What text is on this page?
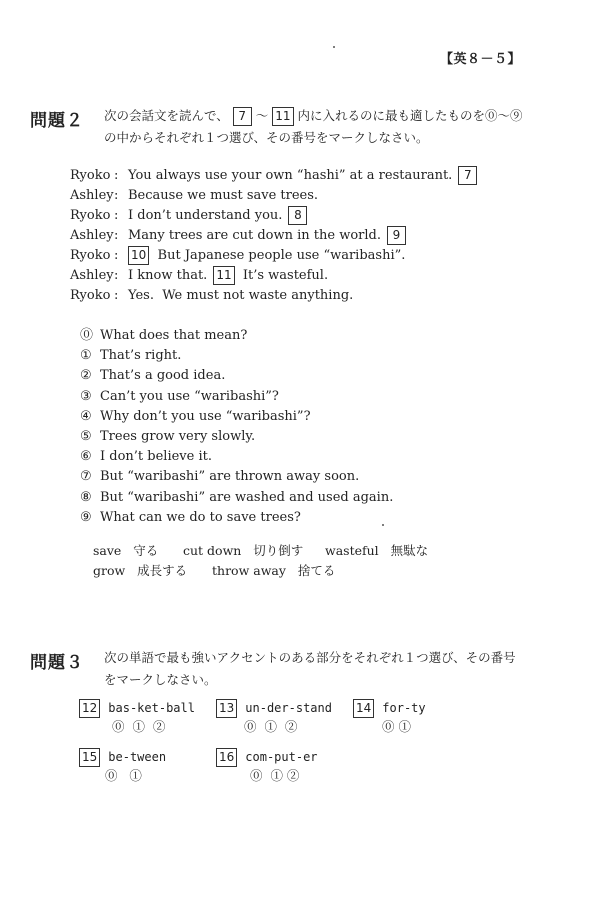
【英８－５】
問題２ 次の会話文を読んで、 7 ～ 11 内に入れるのに最も適したものを⓪～⑨
の中からそれぞれ１つ選び、その番号をマークしなさい。
Ryoko : You always use your own “hashi” at a restaurant. 7
Ashley: Because we must save trees.
Ryoko : I don’t understand you. 8
Ashley: Many trees are cut down in the world. 9
Ryoko : 10 But Japanese people use “waribashi”.
Ashley: I know that. 11 It’s wasteful.
Ryoko : Yes.  We must not waste anything.
⓪ What does that mean?
① That’s right.
② That’s a good idea.
③ Can’t you use “waribashi”?
④ Why don’t you use “waribashi”?
⑤ Trees grow very slowly.
⑥ I don’t believe it.
⑦ But “waribashi” are thrown away soon.
⑧ But “waribashi” are washed and used again.
⑨ What can we do to save trees?
save 守る cut down 切り倒す wasteful 無駄な
grow 成長する throw away 捨てる
問題３ 次の単語で最も強いアクセントのある部分をそれぞれ１つ選び、その番号
をマークしなさい。
12 bas-ket-ball
⓪  ①  ②
13 un-der-stand
⓪  ①  ②
14 for-ty
⓪ ①
15 be-tween
⓪   ①
16 com-put-er
⓪  ① ②
